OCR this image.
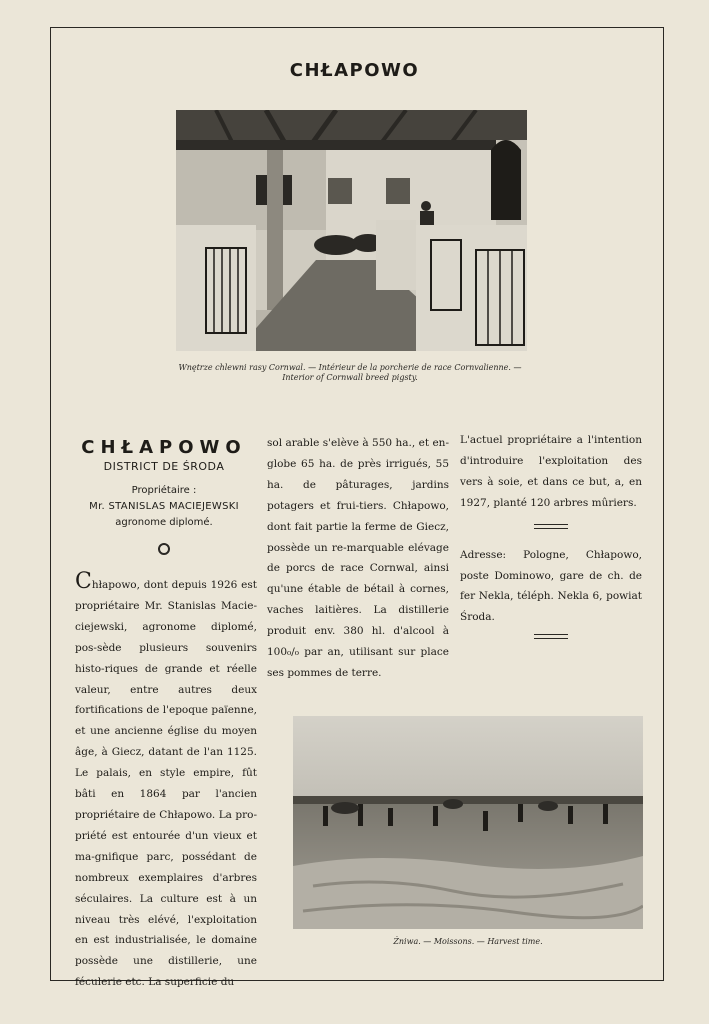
CHŁAPOWO

Wnętrze chlewni rasy Cornwal. — Intérieur de la porcherie de race Cornvalienne. —
Interior of Cornwall breed pigsty.

CHŁAPOWO

DISTRICT DE ŚRODA

Propriétaire :

Mr. STANISLAS MACIEJEWSKI

agronome diplomé.

Chłapowo, dont depuis 1926 est propriétaire Mr. Stanislas Macie-ciejewski, agronome diplomé, pos-sède plusieurs souvenirs histo-riques de grande et réelle valeur, entre autres deux fortifications de l'epoque païenne, et une ancienne église du moyen âge, à Giecz, datant de l'an 1125. Le palais, en style empire, fût bâti en 1864 par l'ancien propriétaire de Chłapowo. La pro-priété est entourée d'un vieux et ma-gnifique parc, possédant de nombreux exemplaires d'arbres séculaires. La culture est à un niveau très elévé, l'exploitation en est industrialisée, le domaine possède une distillerie, une féculerie etc. La superficie du

sol arable s'elève à 550 ha., et en-globe 65 ha. de près irrigués, 55 ha. de pâturages, jardins potagers et frui-tiers. Chłapowo, dont fait partie la ferme de Giecz, possède un re-marquable elévage de porcs de race Cornwal, ainsi qu'une étable de bétail à cornes, vaches laitières. La distillerie produit env. 380 hl. d'alcool à 100₀/₀ par an, utilisant sur place ses pommes de terre.

L'actuel propriétaire a l'intention d'introduire l'exploitation des vers à soie, et dans ce but, a, en 1927, planté 120 arbres mûriers.

Adresse: Pologne, Chłapowo, poste Dominowo, gare de ch. de fer Nekla, téléph. Nekla 6, powiat Środa.

Żniwa. — Moissons. — Harvest time.
